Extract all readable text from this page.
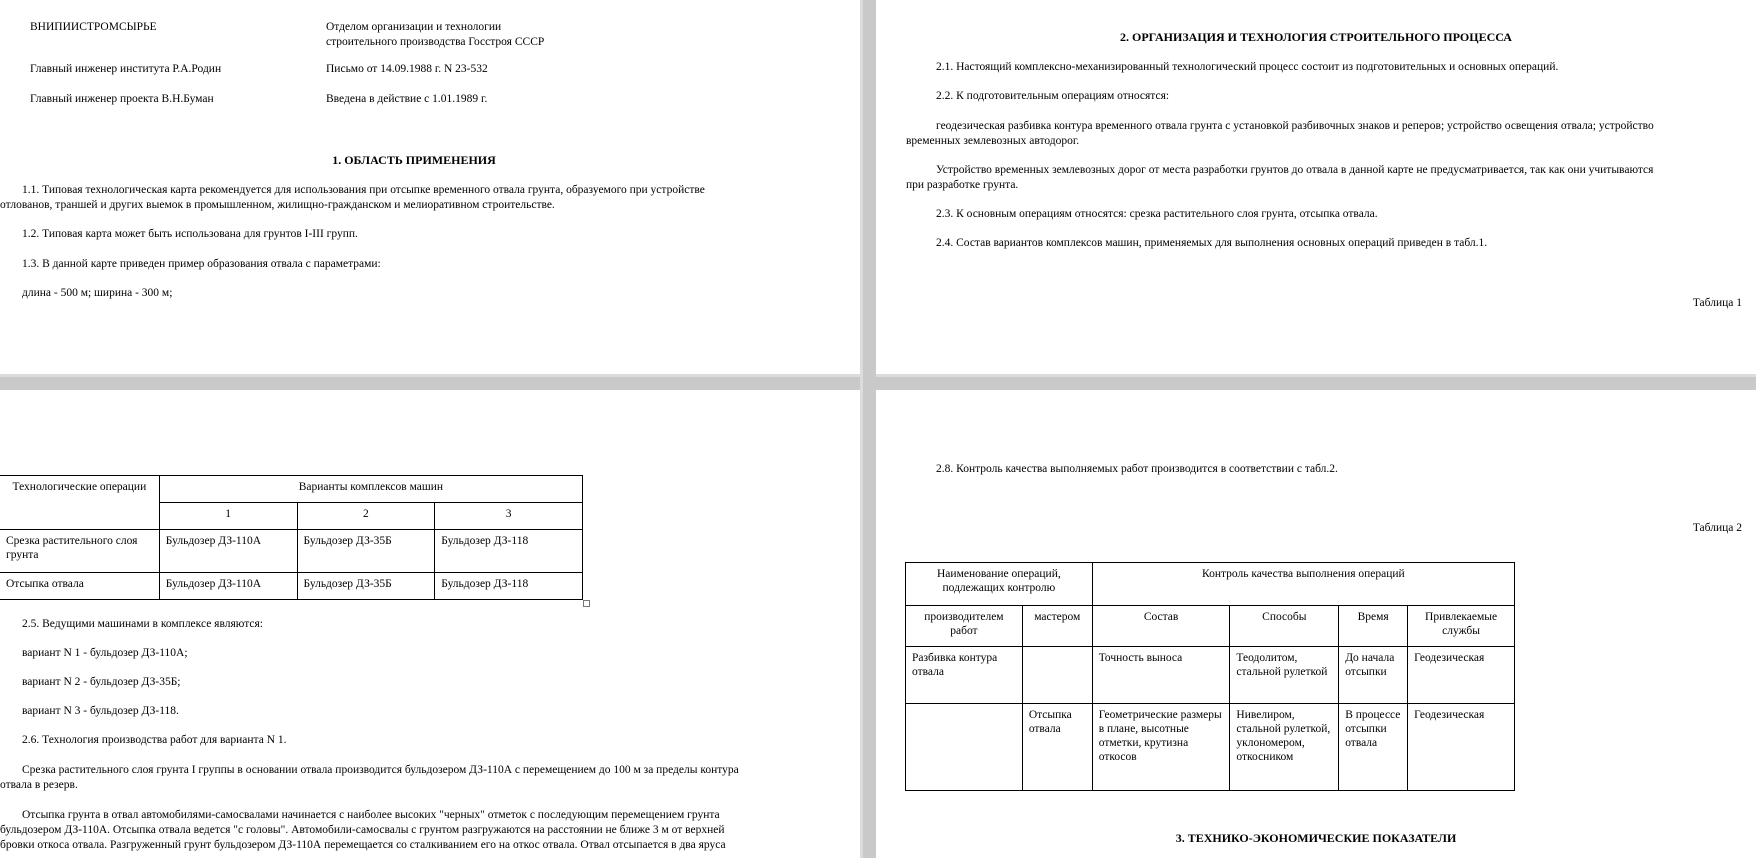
ВНИПИИСТРОМСЫРЬЕ	Отделом организации и технологии
строительного производства Госстроя СССР
Главный инженер института Р.А.Родин	Письмо от 14.09.1988 г. N 23-532
Главный инженер проекта В.Н.Буман	Введена в действие с 1.01.1989 г.
1. ОБЛАСТЬ ПРИМЕНЕНИЯ
1.1. Типовая технологическая карта рекомендуется для использования при отсыпке временного отвала грунта, образуемого при устройстве
отлованов, траншей и других выемок в промышленном, жилищно-гражданском и мелиоративном строительстве.
1.2. Типовая карта может быть использована для грунтов I-III групп.
1.3. В данной карте приведен пример образования отвала с параметрами:
длина - 500 м; ширина - 300 м;
2. ОРГАНИЗАЦИЯ И ТЕХНОЛОГИЯ СТРОИТЕЛЬНОГО ПРОЦЕССА
2.1. Настоящий комплексно-механизированный технологический процесс состоит из подготовительных и основных операций.
2.2. К подготовительным операциям относятся:
геодезическая разбивка контура временного отвала грунта с установкой разбивочных знаков и реперов; устройство освещения отвала; устройство
временных землевозных автодорог.
Устройство временных землевозных дорог от места разработки грунтов до отвала в данной карте не предусматривается, так как они учитываются
при разработке грунта.
2.3. К основным операциям относятся: срезка растительного слоя грунта, отсыпка отвала.
2.4. Состав вариантов комплексов машин, применяемых для выполнения основных операций приведен в табл.1.
Таблица 1
Технологические операции	Варианты комплексов машин		
	1	2	3
Срезка растительного слоя грунта	Бульдозер ДЗ-110А	Бульдозер ДЗ-35Б	Бульдозер ДЗ-118
Отсыпка отвала	Бульдозер ДЗ-110А	Бульдозер ДЗ-35Б	Бульдозер ДЗ-118
2.5. Ведущими машинами в комплексе являются:
вариант N 1 - бульдозер ДЗ-110А;
вариант N 2 - бульдозер ДЗ-35Б;
вариант N 3 - бульдозер ДЗ-118.
2.6. Технология производства работ для варианта N 1.
Срезка растительного слоя грунта I группы в основании отвала производится бульдозером ДЗ-110А с перемещением до 100 м за пределы контура
отвала в резерв.
Отсыпка грунта в отвал автомобилями-самосвалами начинается с наиболее высоких "черных" отметок с последующим перемещением грунта
бульдозером ДЗ-110А. Отсыпка отвала ведется "с головы". Автомобили-самосвалы с грунтом разгружаются на расстоянии не ближе 3 м от верхней
бровки откоса отвала. Разгруженный грунт бульдозером ДЗ-110А перемещается со сталкиванием его на откос отвала. Отвал отсыпается в два яруса
2.8. Контроль качества выполняемых работ производится в соответствии с табл.2.
Таблица 2
Наименование операций, подлежащих контролю		Контроль качества выполнения операций			
производителем работ	мастером	Состав	Способы	Время	Привлекаемые службы
Разбивка контура отвала		Точность выноса	Теодолитом, стальной рулеткой	До начала отсыпки	Геодезическая
	Отсыпка отвала	Геометрические размеры в плане, высотные отметки, крутизна откосов	Нивелиром, стальной рулеткой, уклономером, откосником	В процессе отсыпки отвала	Геодезическая
3. ТЕХНИКО-ЭКОНОМИЧЕСКИЕ ПОКАЗАТЕЛИ
